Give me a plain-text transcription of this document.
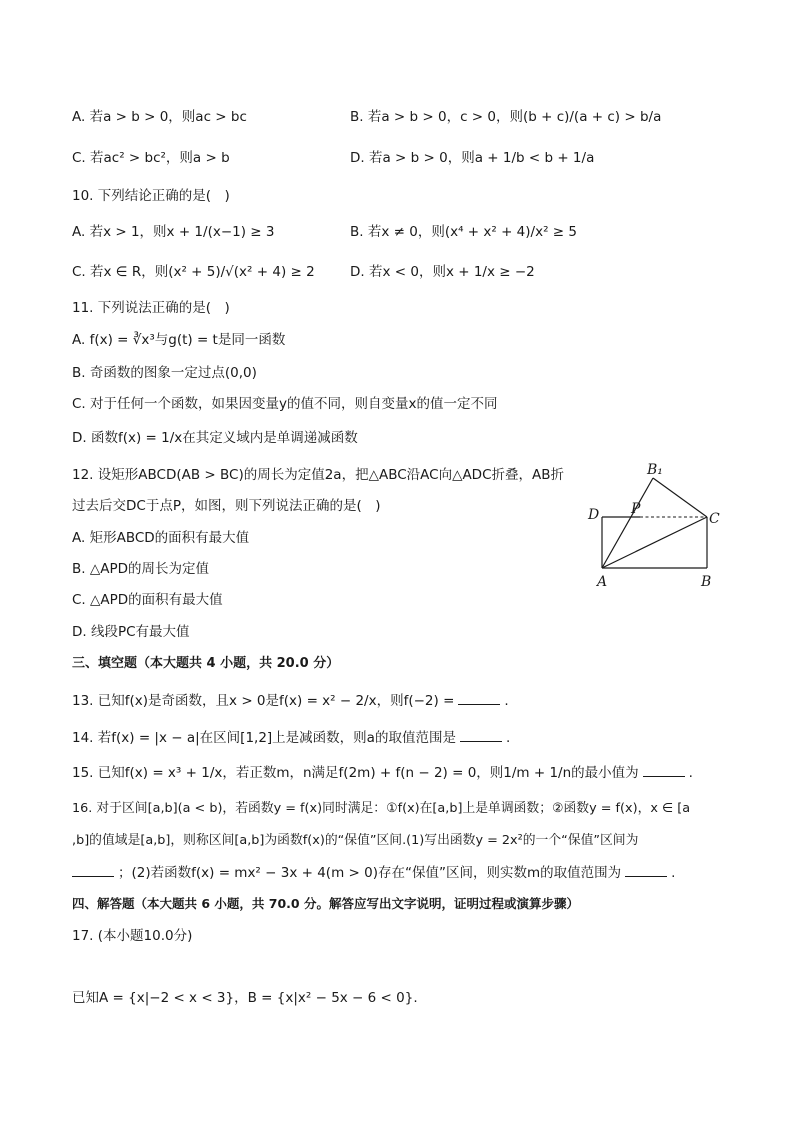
A. 若a > b > 0，则ac > bc	B. 若a > b > 0，c > 0，则(b + c)/(a + c) > b/a
C. 若ac² > bc²，则a > b	D. 若a > b > 0，则a + 1/b < b + 1/a
10. 下列结论正确的是(　)
A. 若x > 1，则x + 1/(x−1) ≥ 3	B. 若x ≠ 0，则(x⁴ + x² + 4)/x² ≥ 5
C. 若x ∈ R，则(x² + 5)/√(x² + 4) ≥ 2	D. 若x < 0，则x + 1/x ≥ −2
11. 下列说法正确的是(　)
A. f(x) = ∛x³与g(t) = t是同一函数
B. 奇函数的图象一定过点(0,0)
C. 对于任何一个函数，如果因变量y的值不同，则自变量x的值一定不同
D. 函数f(x) = 1/x在其定义域内是单调递减函数
12. 设矩形ABCD(AB > BC)的周长为定值2a，把△ABC沿AC向△ADC折叠，AB折
过去后交DC于点P，如图，则下列说法正确的是(　)
A. 矩形ABCD的面积有最大值
B. △APD的周长为定值
C. △APD的面积有最大值
D. 线段PC有最大值
B₁
D P
C
A	B
三、填空题（本大题共 4 小题，共 20.0 分）
13. 已知f(x)是奇函数，且x > 0是f(x) = x² − 2/x，则f(−2) =	.
14. 若f(x) = |x − a|在区间[1,2]上是减函数，则a的取值范围是	.
15. 已知f(x) = x³ + 1/x，若正数m，n满足f(2m) + f(n − 2) = 0，则1/m + 1/n的最小值为	.
16. 对于区间[a,b](a < b)，若函数y = f(x)同时满足：①f(x)在[a,b]上是单调函数；②函数y = f(x)，x ∈ [a
,b]的值域是[a,b]，则称区间[a,b]为函数f(x)的“保值”区间.(1)写出函数y = 2x²的一个“保值”区间为
；(2)若函数f(x) = mx² − 3x + 4(m > 0)存在“保值”区间，则实数m的取值范围为	.
四、解答题（本大题共 6 小题，共 70.0 分。解答应写出文字说明，证明过程或演算步骤）
17. (本小题10.0分)
已知A = {x|−2 < x < 3}，B = {x|x² − 5x − 6 < 0}.
